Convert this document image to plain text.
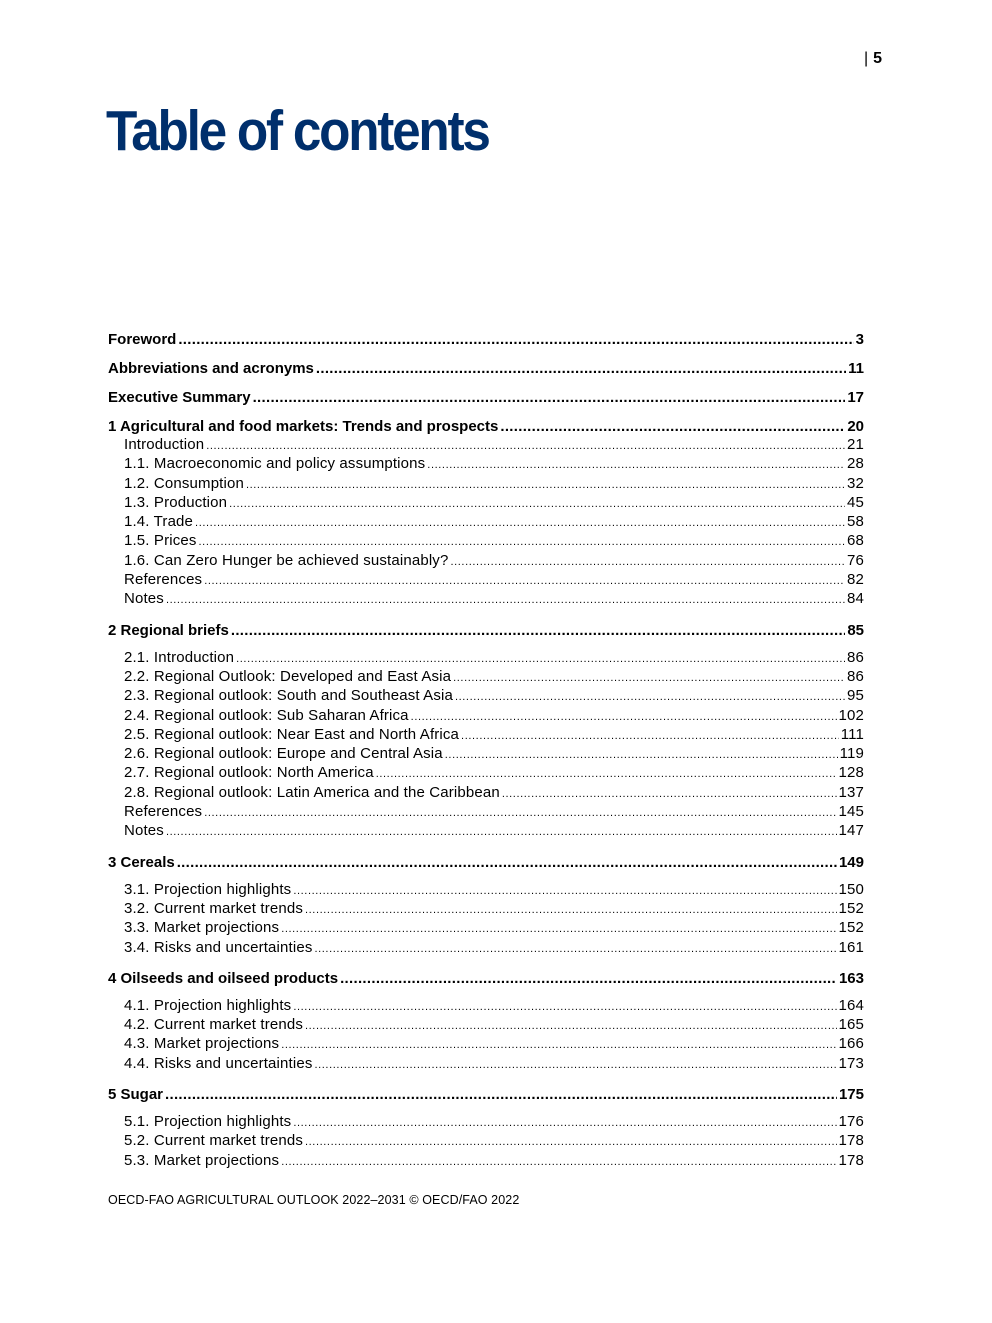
| 5
Table of contents
Foreword .....	3
Abbreviations and acronyms .....	11
Executive Summary .....	17
1 Agricultural and food markets: Trends and prospects .....	20
Introduction .....	21
1.1. Macroeconomic and policy assumptions .....	28
1.2. Consumption .....	32
1.3. Production .....	45
1.4. Trade .....	58
1.5. Prices .....	68
1.6. Can Zero Hunger be achieved sustainably? .....	76
References .....	82
Notes .....	84
2 Regional briefs .....	85
2.1. Introduction .....	86
2.2. Regional Outlook: Developed and East Asia .....	86
2.3. Regional outlook: South and Southeast Asia .....	95
2.4. Regional outlook: Sub Saharan Africa .....	102
2.5. Regional outlook: Near East and North Africa .....	111
2.6. Regional outlook: Europe and Central Asia .....	119
2.7. Regional outlook: North America .....	128
2.8. Regional outlook: Latin America and the Caribbean .....	137
References .....	145
Notes .....	147
3 Cereals .....	149
3.1. Projection highlights .....	150
3.2. Current market trends .....	152
3.3. Market projections .....	152
3.4. Risks and uncertainties .....	161
4 Oilseeds and oilseed products .....	163
4.1. Projection highlights .....	164
4.2. Current market trends .....	165
4.3. Market projections .....	166
4.4. Risks and uncertainties .....	173
5 Sugar .....	175
5.1. Projection highlights .....	176
5.2. Current market trends .....	178
5.3. Market projections .....	178
OECD-FAO AGRICULTURAL OUTLOOK 2022–2031 © OECD/FAO 2022
